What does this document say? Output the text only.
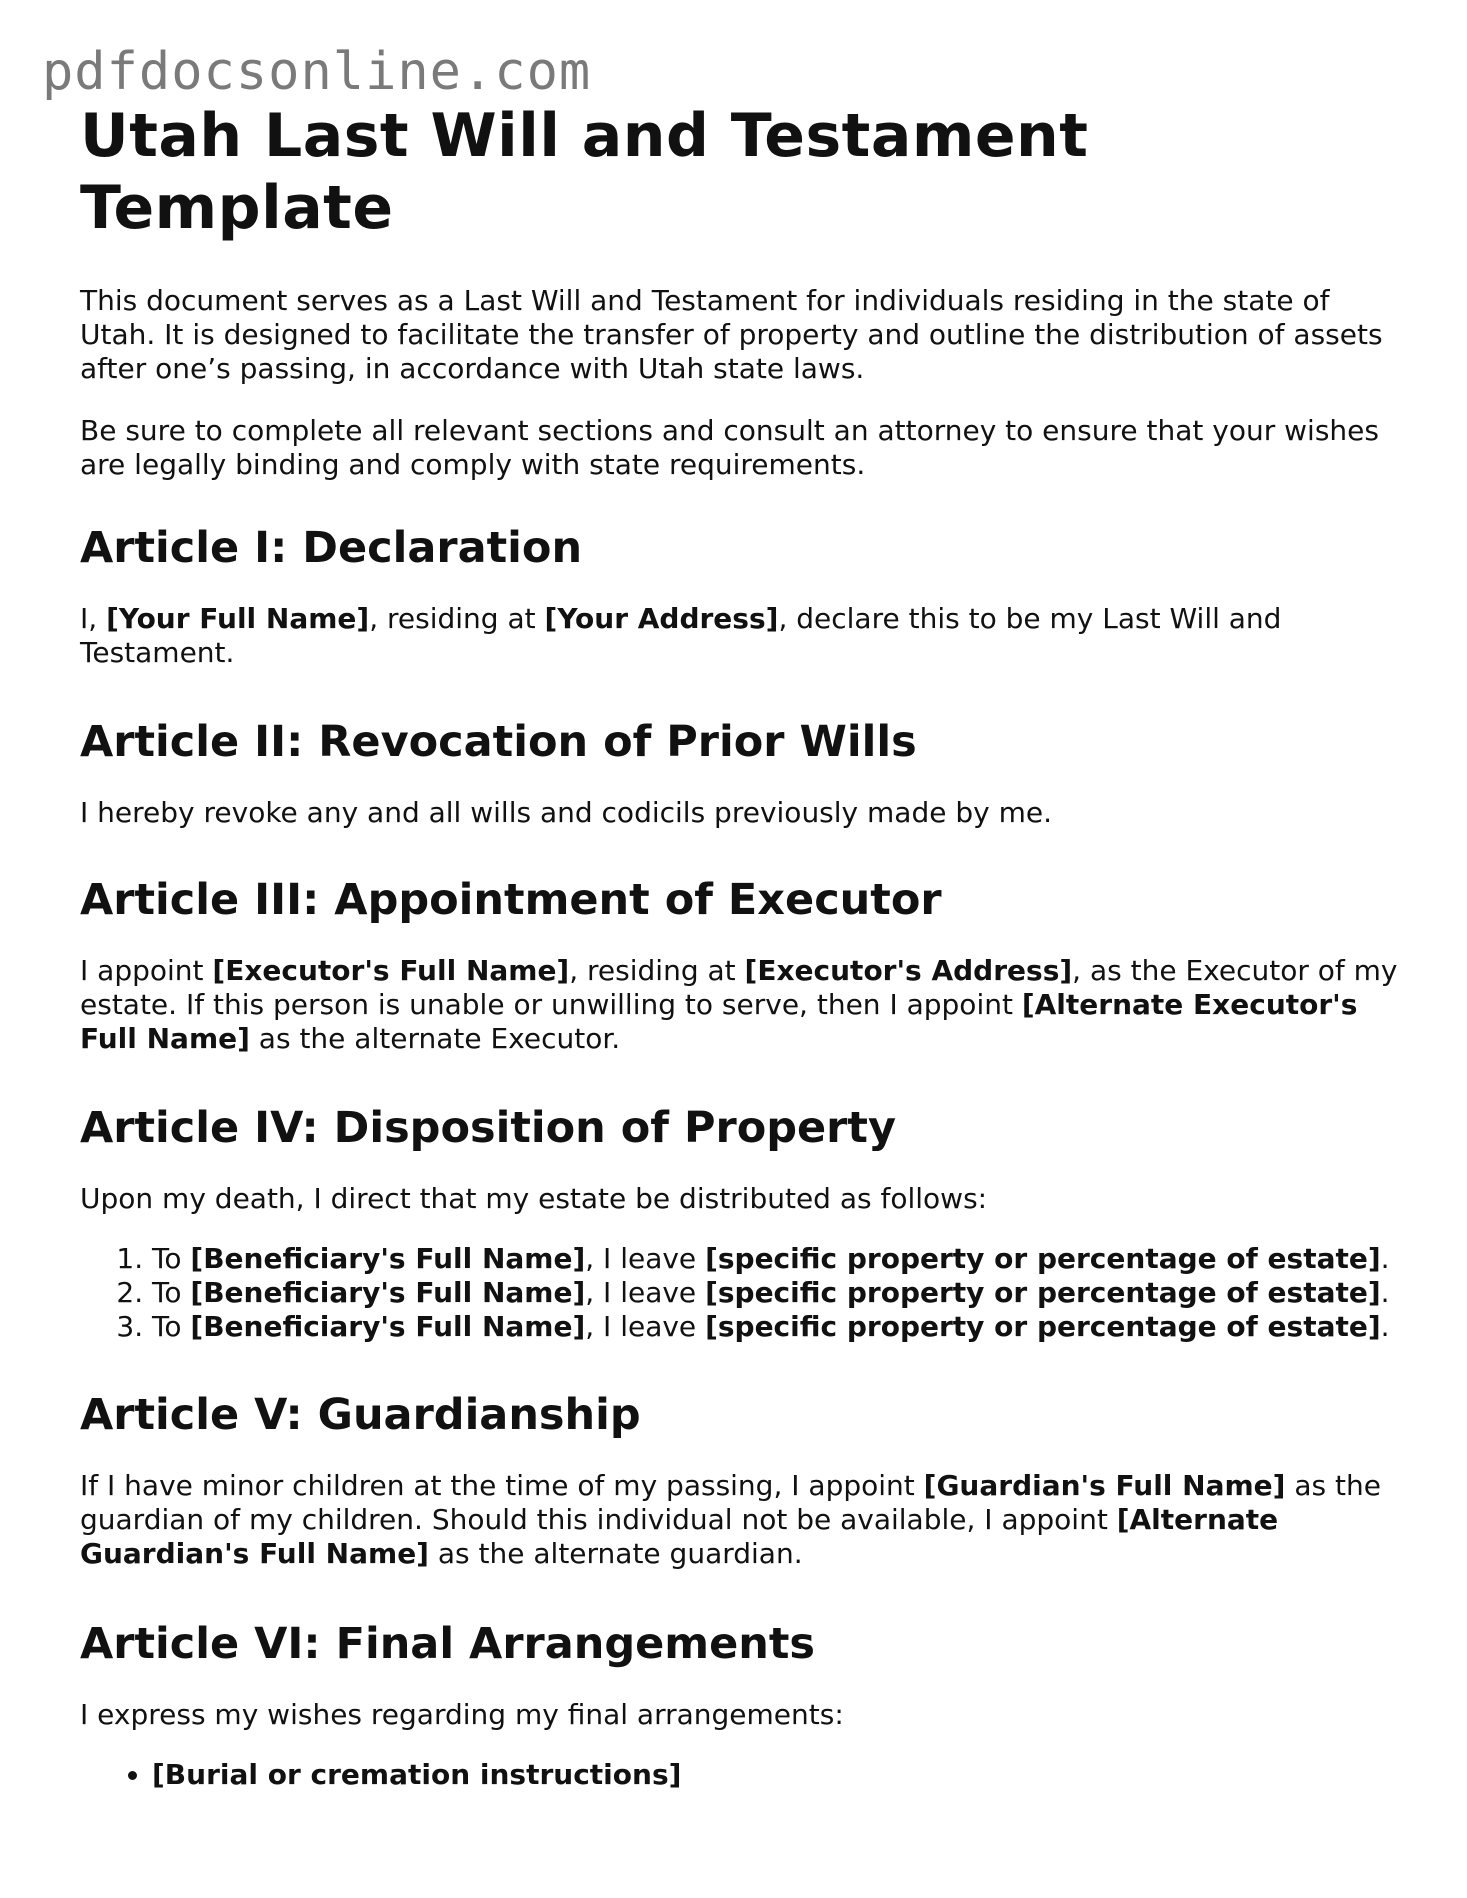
pdfdocsonline.com
Utah Last Will and Testament Template

This document serves as a Last Will and Testament for individuals residing in the state of Utah. It is designed to facilitate the transfer of property and outline the distribution of assets after one’s passing, in accordance with Utah state laws.

Be sure to complete all relevant sections and consult an attorney to ensure that your wishes are legally binding and comply with state requirements.

Article I: Declaration

I, [Your Full Name], residing at [Your Address], declare this to be my Last Will and Testament.

Article II: Revocation of Prior Wills

I hereby revoke any and all wills and codicils previously made by me.

Article III: Appointment of Executor

I appoint [Executor's Full Name], residing at [Executor's Address], as the Executor of my estate. If this person is unable or unwilling to serve, then I appoint [Alternate Executor's Full Name] as the alternate Executor.

Article IV: Disposition of Property

Upon my death, I direct that my estate be distributed as follows:

1. To [Beneficiary's Full Name], I leave [specific property or percentage of estate].
2. To [Beneficiary's Full Name], I leave [specific property or percentage of estate].
3. To [Beneficiary's Full Name], I leave [specific property or percentage of estate].
Article V: Guardianship

If I have minor children at the time of my passing, I appoint [Guardian's Full Name] as the guardian of my children. Should this individual not be available, I appoint [Alternate Guardian's Full Name] as the alternate guardian.

Article VI: Final Arrangements

I express my wishes regarding my final arrangements:

• [Burial or cremation instructions]
